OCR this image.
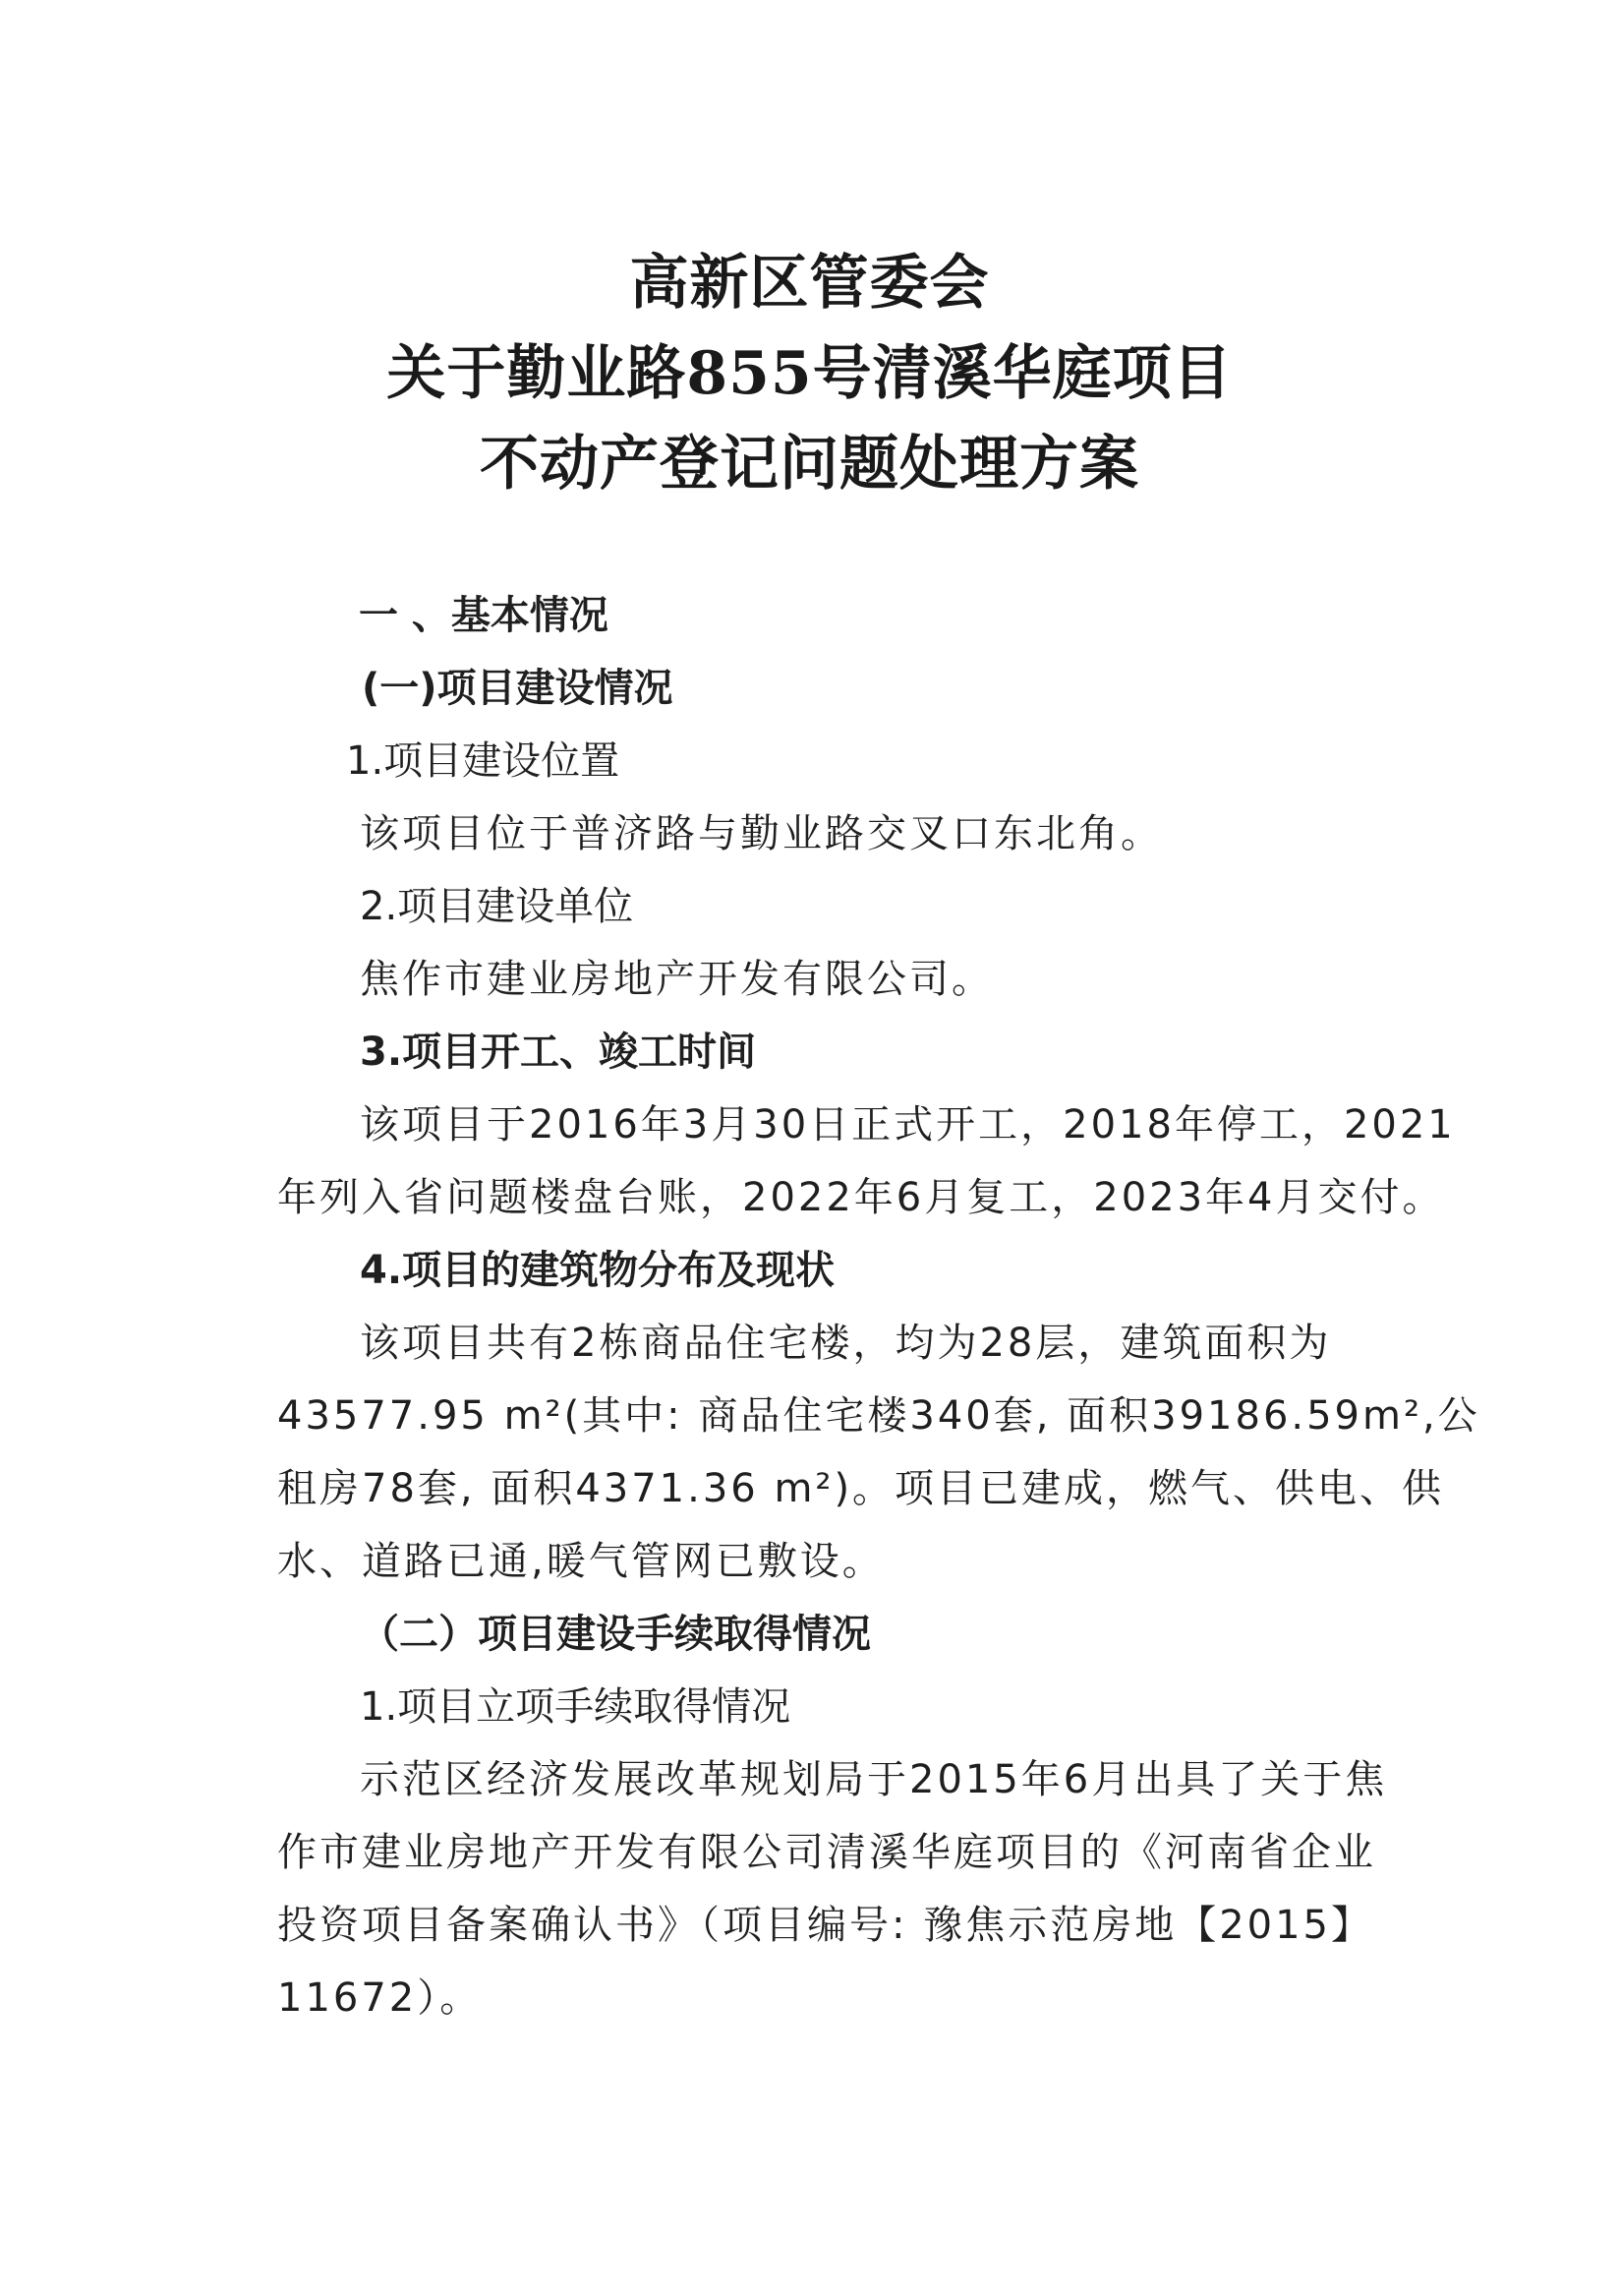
高新区管委会
关于勤业路855号清溪华庭项目
不动产登记问题处理方案
一 、基本情况
(一)项目建设情况
1.项目建设位置
该项目位于普济路与勤业路交叉口东北角。
2.项目建设单位
焦作市建业房地产开发有限公司。
3.项目开工、竣工时间
该项目于2016年3月30日正式开工，2018年停工，2021
年列入省问题楼盘台账，2022年6月复工，2023年4月交付。
4.项目的建筑物分布及现状
该项目共有2栋商品住宅楼，均为28层，建筑面积为
43577.95 m²(其中: 商品住宅楼340套, 面积39186.59m²,公
租房78套, 面积4371.36 m²)。项目已建成，燃气、供电、供
水、道路已通,暖气管网已敷设。
（二）项目建设手续取得情况
1.项目立项手续取得情况
示范区经济发展改革规划局于2015年6月出具了关于焦
作市建业房地产开发有限公司清溪华庭项目的《河南省企业
投资项目备案确认书》（项目编号: 豫焦示范房地【2015】
11672）。
